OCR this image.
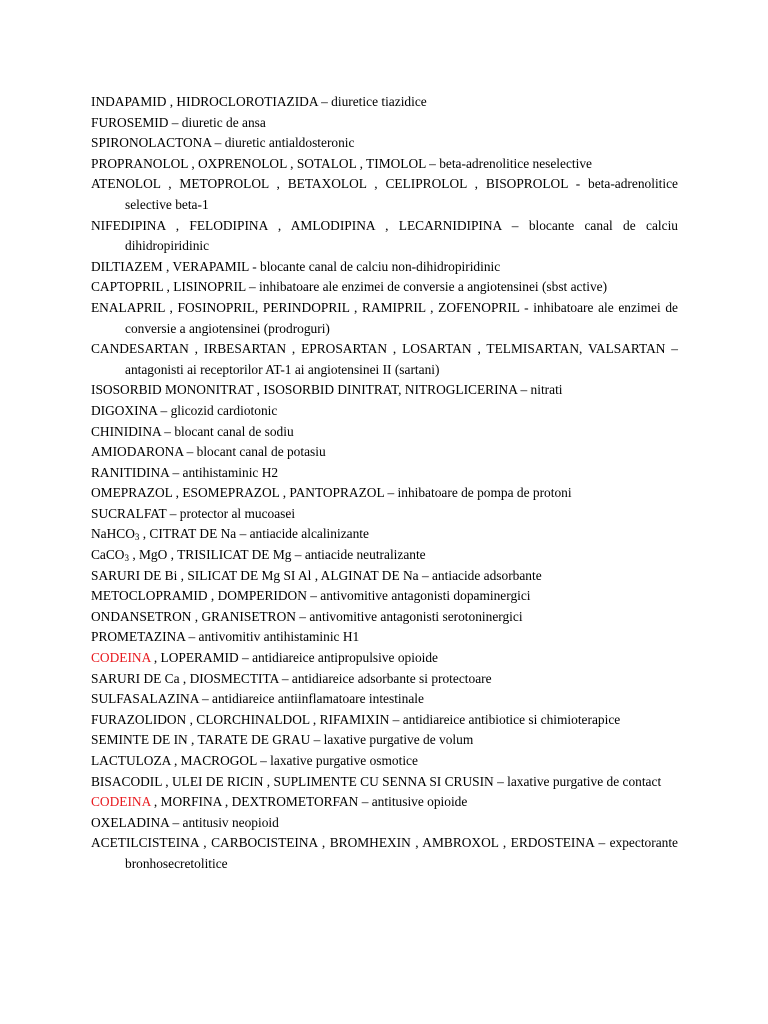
INDAPAMID , HIDROCLOROTIAZIDA – diuretice tiazidice
FUROSEMID – diuretic de ansa
SPIRONOLACTONA – diuretic antialdosteronic
PROPRANOLOL , OXPRENOLOL , SOTALOL , TIMOLOL – beta-adrenolitice neselective
ATENOLOL , METOPROLOL , BETAXOLOL , CELIPROLOL , BISOPROLOL - beta-adrenolitice selective beta-1
NIFEDIPINA , FELODIPINA , AMLODIPINA , LECARNIDIPINA – blocante canal de calciu dihidropiridinic
DILTIAZEM , VERAPAMIL - blocante canal de calciu non-dihidropiridinic
CAPTOPRIL , LISINOPRIL – inhibatoare ale enzimei de conversie a angiotensinei (sbst active)
ENALAPRIL , FOSINOPRIL, PERINDOPRIL , RAMIPRIL , ZOFENOPRIL - inhibatoare ale enzimei de conversie a angiotensinei (prodroguri)
CANDESARTAN , IRBESARTAN , EPROSARTAN , LOSARTAN , TELMISARTAN, VALSARTAN – antagonisti ai receptorilor AT-1 ai angiotensinei II (sartani)
ISOSORBID MONONITRAT , ISOSORBID DINITRAT, NITROGLICERINA – nitrati
DIGOXINA – glicozid cardiotonic
CHINIDINA – blocant canal de sodiu
AMIODARONA – blocant canal de potasiu
RANITIDINA – antihistaminic H2
OMEPRAZOL , ESOMEPRAZOL , PANTOPRAZOL – inhibatoare de pompa de protoni
SUCRALFAT – protector al mucoasei
NaHCO$_3$ , CITRAT DE Na – antiacide alcalinizante
CaCO$_3$ , MgO , TRISILICAT DE Mg – antiacide neutralizante
SARURI DE Bi , SILICAT DE Mg SI Al , ALGINAT DE Na – antiacide adsorbante
METOCLOPRAMID , DOMPERIDON – antivomitive antagonisti dopaminergici
ONDANSETRON , GRANISETRON – antivomitive antagonisti serotoninergici
PROMETAZINA – antivomitiv antihistaminic H1
CODEINA , LOPERAMID – antidiareice antipropulsive opioide
SARURI DE Ca , DIOSMECTITA – antidiareice adsorbante si protectoare
SULFASALAZINA – antidiareice antiinflamatoare intestinale
FURAZOLIDON , CLORCHINALDOL , RIFAMIXIN – antidiareice antibiotice si chimioterapice
SEMINTE DE IN , TARATE DE GRAU – laxative purgative de volum
LACTULOZA , MACROGOL – laxative purgative osmotice
BISACODIL , ULEI DE RICIN , SUPLIMENTE CU SENNA SI CRUSIN – laxative purgative de contact
CODEINA , MORFINA , DEXTROMETORFAN – antitusive opioide
OXELADINA – antitusiv neopioid
ACETILCISTEINA , CARBOCISTEINA , BROMHEXIN , AMBROXOL , ERDOSTEINA – expectorante bronhosecretolitice
